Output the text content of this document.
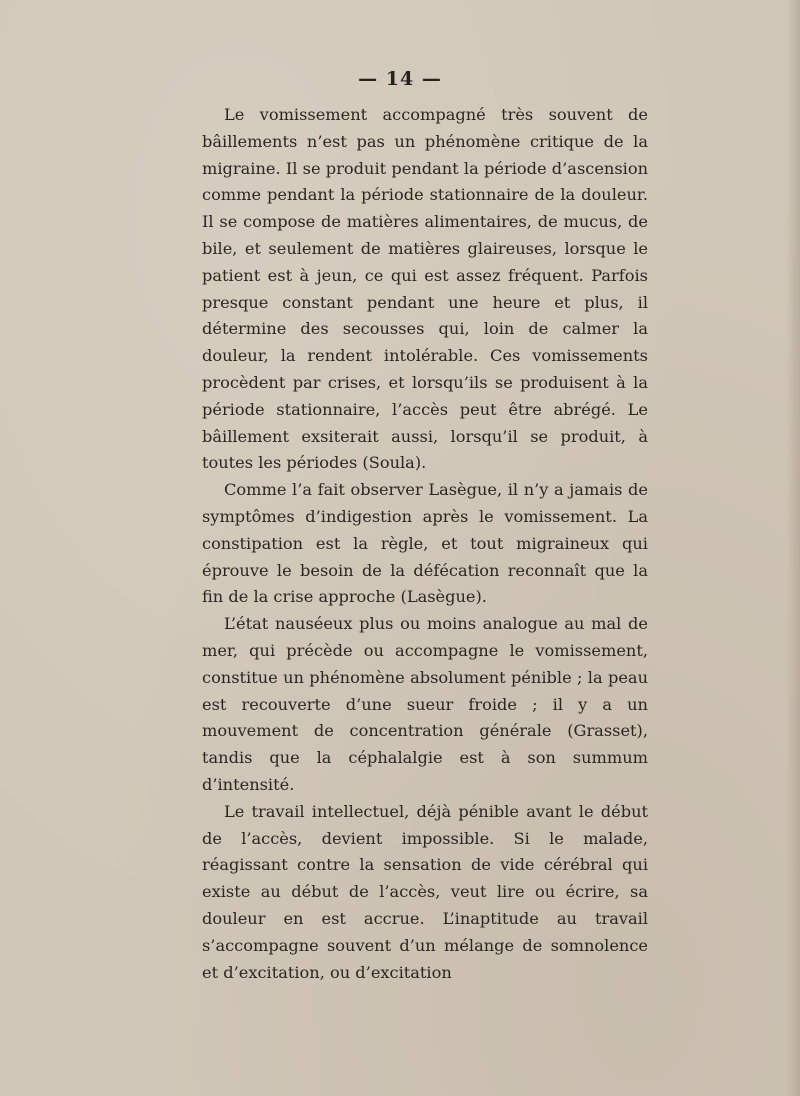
— 14 —

Le vomissement accompagné très souvent de bâillements n’est pas un phénomène critique de la migraine. Il se produit pendant la période d’ascension comme pendant la période stationnaire de la douleur. Il se compose de matières alimentaires, de mucus, de bile, et seulement de matières glaireuses, lorsque le patient est à jeun, ce qui est assez fréquent. Parfois presque constant pendant une heure et plus, il détermine des secousses qui, loin de calmer la douleur, la rendent intolérable. Ces vomissements procèdent par crises, et lorsqu’ils se produisent à la période stationnaire, l’accès peut être abrégé. Le bâillement exsiterait aussi, lorsqu’il se produit, à toutes les périodes (Soula).

Comme l’a fait observer Lasègue, il n’y a jamais de symptômes d’indigestion après le vomissement. La constipation est la règle, et tout migraineux qui éprouve le besoin de la défécation reconnaît que la fin de la crise approche (Lasègue).

L’état nauséeux plus ou moins analogue au mal de mer, qui précède ou accompagne le vomissement, constitue un phénomène absolument pénible ; la peau est recouverte d’une sueur froide ; il y a un mouvement de concentration générale (Grasset), tandis que la céphalalgie est à son summum d’intensité.

Le travail intellectuel, déjà pénible avant le début de l’accès, devient impossible. Si le malade, réagissant contre la sensation de vide cérébral qui existe au début de l’accès, veut lire ou écrire, sa douleur en est accrue. L’inaptitude au travail s’accompagne souvent d’un mélange de somnolence et d’excitation, ou d’excitation
